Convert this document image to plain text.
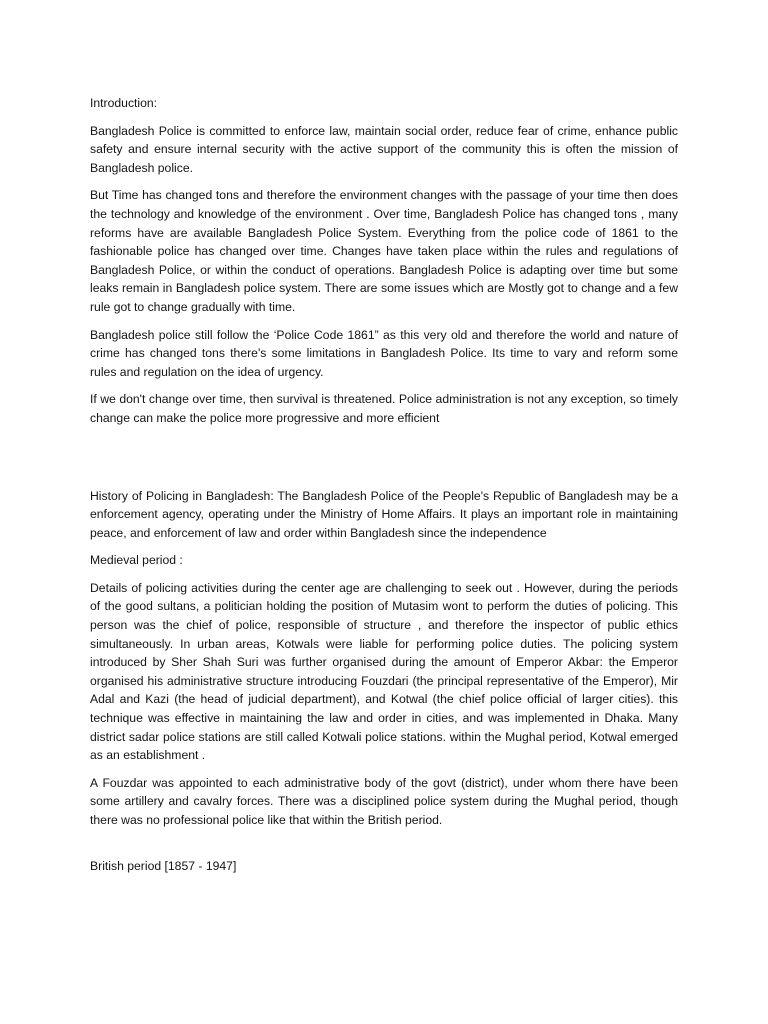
Introduction:

Bangladesh Police is committed to enforce law, maintain social order, reduce fear of crime, enhance public safety and ensure internal security with the active support of the community this is often the mission of Bangladesh police.

But Time has changed tons and therefore the environment changes with the passage of your time then does the technology and knowledge of the environment . Over time, Bangladesh Police has changed tons , many reforms have are available Bangladesh Police System. Everything from the police code of 1861 to the fashionable police has changed over time. Changes have taken place within the rules and regulations of Bangladesh Police, or within the conduct of operations. Bangladesh Police is adapting over time but some leaks remain in Bangladesh police system. There are some issues which are Mostly got to change and a few rule got to change gradually with time.

Bangladesh police still follow the ‘Police Code 1861” as this very old and therefore the world and nature of crime has changed tons there's some limitations in Bangladesh Police. Its time to vary and reform some rules and regulation on the idea of urgency.

If we don't change over time, then survival is threatened. Police administration is not any exception, so timely change can make the police more progressive and more efficient

History of Policing in Bangladesh: The Bangladesh Police of the People's Republic of Bangladesh may be a enforcement agency, operating under the Ministry of Home Affairs. It plays an important role in maintaining peace, and enforcement of law and order within Bangladesh since the independence

Medieval period :

Details of policing activities during the center age are challenging to seek out . However, during the periods of the good sultans, a politician holding the position of Mutasim wont to perform the duties of policing. This person was the chief of police, responsible of structure , and therefore the inspector of public ethics simultaneously. In urban areas, Kotwals were liable for performing police duties. The policing system introduced by Sher Shah Suri was further organised during the amount of Emperor Akbar: the Emperor organised his administrative structure introducing Fouzdari (the principal representative of the Emperor), Mir Adal and Kazi (the head of judicial department), and Kotwal (the chief police official of larger cities). this technique was effective in maintaining the law and order in cities, and was implemented in Dhaka. Many district sadar police stations are still called Kotwali police stations. within the Mughal period, Kotwal emerged as an establishment .

A Fouzdar was appointed to each administrative body of the govt (district), under whom there have been some artillery and cavalry forces. There was a disciplined police system during the Mughal period, though there was no professional police like that within the British period.

British period [1857 - 1947]
